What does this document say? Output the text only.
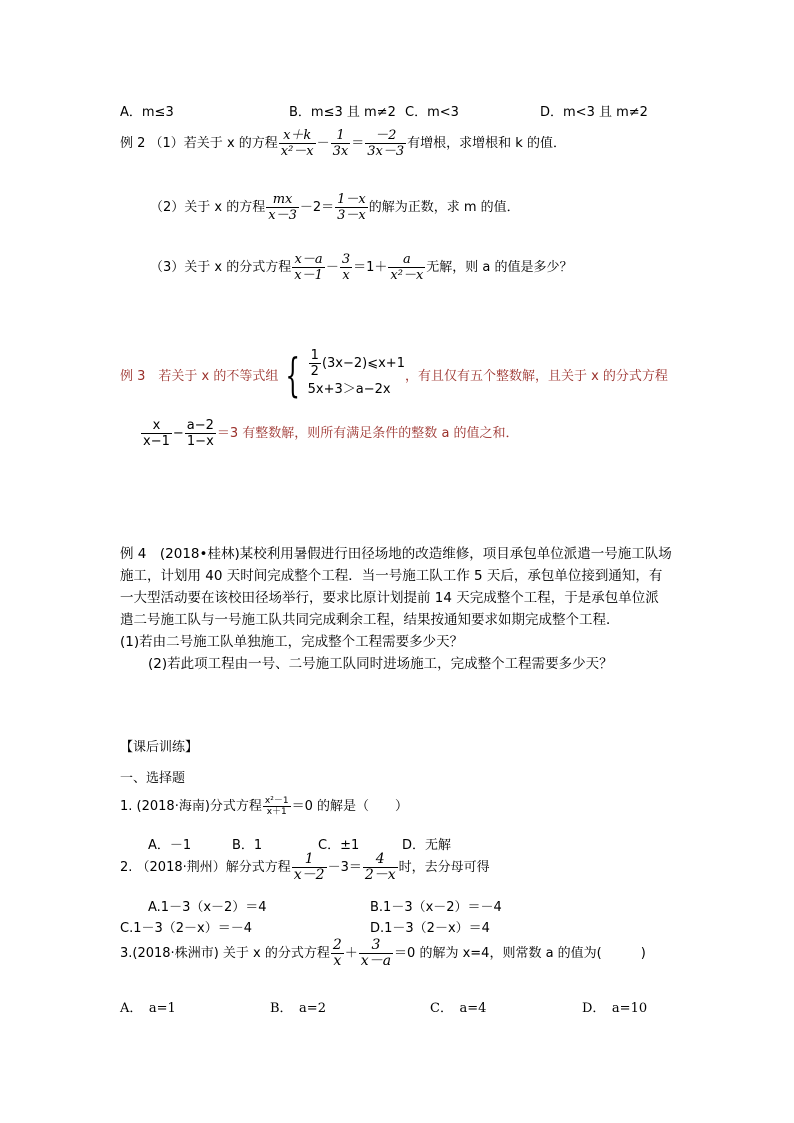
A．m≤3	B．m≤3 且 m≠2 C．m<3	D．m<3 且 m≠2
例 2 （1）若关于 x 的方程 $\frac{x+k}{\text{x²－x}} - \frac{1}{3x} = \frac{-2}{3x-3}$ 有增根，求增根和 k 的值．
（2）关于 x 的方程 $\frac{mx}{x-3} -2= \frac{1-x}{3-x}$ 的解为正数，求 m 的值．
（3）关于 x 的分式方程 $\frac{x-a}{x-1} - \frac{3}{x} =1+ \frac{a}{\text{x²－x}}$ 无解，则 a 的值是多少？
例 3　若关于 x 的不等式组 { $\frac{1}{2}$ (3x−2)⩽x+1
5x+3＞a−2x
，有且仅有五个整数解，且关于 x 的分式方程
$\frac{x}{x-1} - \frac{a-2}{1-x} =3$ 有整数解，则所有满足条件的整数 a 的值之和．
例 4　(2018•桂林)某校利用暑假进行田径场地的改造维修，项目承包单位派遣一号施工队场
施工，计划用 40 天时间完成整个工程．当一号施工队工作 5 天后，承包单位接到通知，有
一大型活动要在该校田径场举行，要求比原计划提前 14 天完成整个工程，于是承包单位派
遣二号施工队与一号施工队共同完成剩余工程，结果按通知要求如期完成整个工程．
(1)若由二号施工队单独施工，完成整个工程需要多少天？
(2)若此项工程由一号、二号施工队同时进场施工，完成整个工程需要多少天？
【课后训练】
一、选择题
1. (2018·海南)分式方程 $\frac{\text{x²－1}}{x+1} =0$ 的解是（　　）
A．－1	B．1	C．±1	D．无解
2. （2018·荆州）解分式方程 $\frac{1}{x-2} -3= \frac{4}{2-x}$ 时，去分母可得
A.1－3（x－2）＝4	B.1－3（x－2）＝－4
C.1－3（2－x）＝－4	D.1－3（2－x）＝4
3.(2018·株洲市) 关于 x 的分式方程 $\frac{2}{x} + \frac{3}{x-a} =0$ 的解为 x=4，则常数 a 的值为(　　　)
A．　a=1	B．　a=2	C．　a=4	D．　a=10
